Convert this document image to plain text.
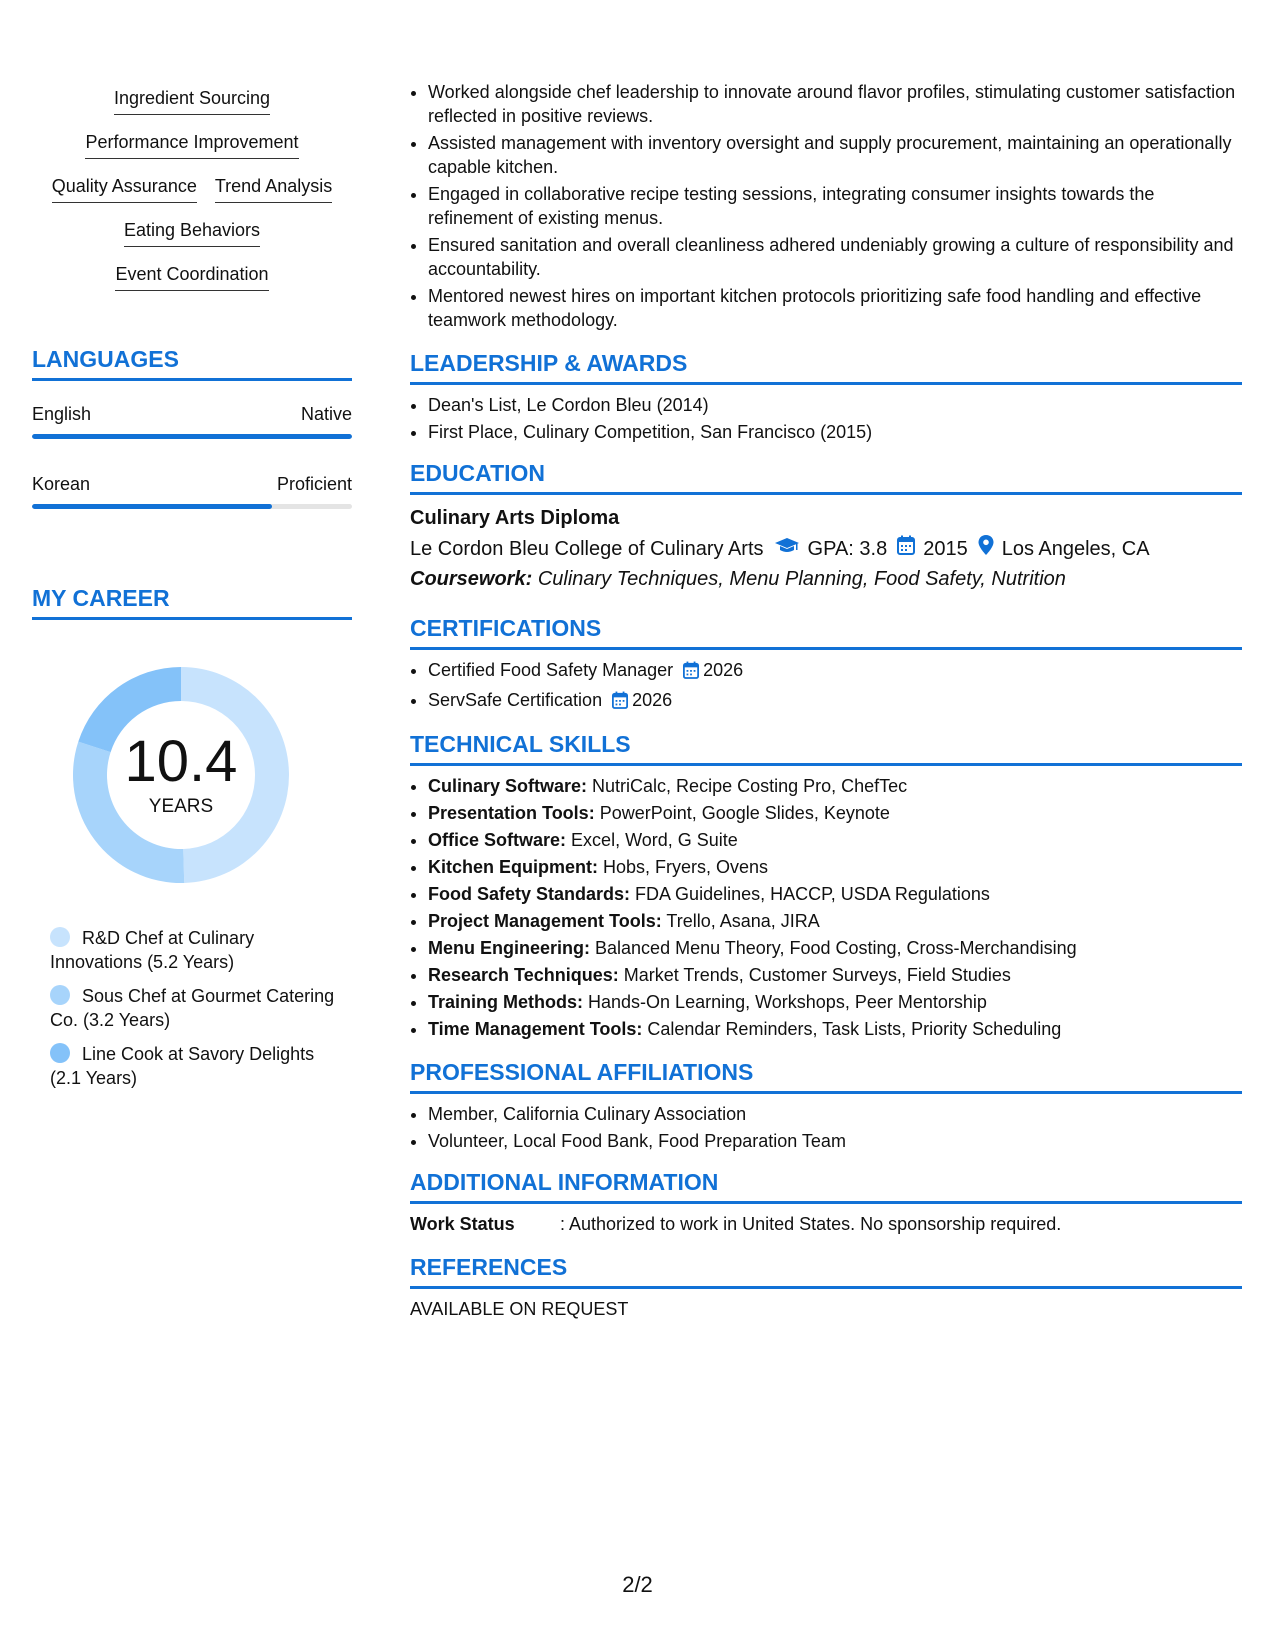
Ingredient Sourcing
Performance Improvement
Quality Assurance Trend Analysis
Eating Behaviors
Event Coordination
LANGUAGES
English	Native
Korean	Proficient
MY CAREER
10.4
YEARS
R&D Chef at Culinary Innovations (5.2 Years)
Sous Chef at Gourmet Catering Co. (3.2 Years)
Line Cook at Savory Delights (2.1 Years)
• Worked alongside chef leadership to innovate around flavor profiles, stimulating customer satisfaction reflected in positive reviews.
• Assisted management with inventory oversight and supply procurement, maintaining an operationally capable kitchen.
• Engaged in collaborative recipe testing sessions, integrating consumer insights towards the refinement of existing menus.
• Ensured sanitation and overall cleanliness adhered undeniably growing a culture of responsibility and accountability.
• Mentored newest hires on important kitchen protocols prioritizing safe food handling and effective teamwork methodology.
LEADERSHIP & AWARDS
• Dean's List, Le Cordon Bleu (2014)
• First Place, Culinary Competition, San Francisco (2015)
EDUCATION
Culinary Arts Diploma
Le Cordon Bleu College of Culinary Arts GPA: 3.8 2015 Los Angeles, CA
Coursework: Culinary Techniques, Menu Planning, Food Safety, Nutrition
CERTIFICATIONS
• Certified Food Safety Manager 2026
• ServSafe Certification 2026
TECHNICAL SKILLS
• Culinary Software: NutriCalc, Recipe Costing Pro, ChefTec
• Presentation Tools: PowerPoint, Google Slides, Keynote
• Office Software: Excel, Word, G Suite
• Kitchen Equipment: Hobs, Fryers, Ovens
• Food Safety Standards: FDA Guidelines, HACCP, USDA Regulations
• Project Management Tools: Trello, Asana, JIRA
• Menu Engineering: Balanced Menu Theory, Food Costing, Cross-Merchandising
• Research Techniques: Market Trends, Customer Surveys, Field Studies
• Training Methods: Hands-On Learning, Workshops, Peer Mentorship
• Time Management Tools: Calendar Reminders, Task Lists, Priority Scheduling
PROFESSIONAL AFFILIATIONS
• Member, California Culinary Association
• Volunteer, Local Food Bank, Food Preparation Team
ADDITIONAL INFORMATION
Work Status	: Authorized to work in United States. No sponsorship required.
REFERENCES
AVAILABLE ON REQUEST
2/2
